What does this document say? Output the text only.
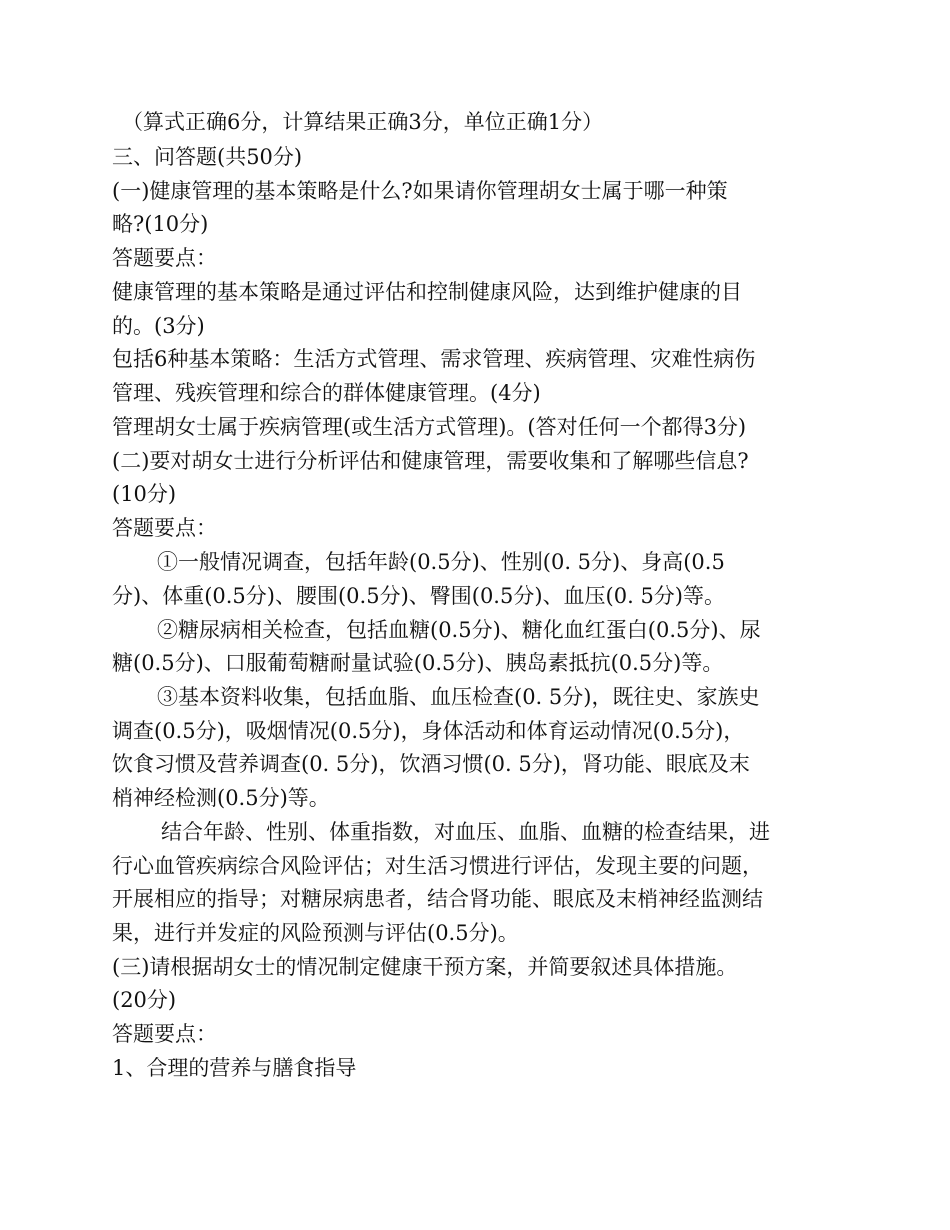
（算式正确6分，计算结果正确3分，单位正确1分）
三、问答题(共50分)
(一)健康管理的基本策略是什么?如果请你管理胡女士属于哪一种策
略?(10分)
答题要点：
健康管理的基本策略是通过评估和控制健康风险，达到维护健康的目
的。(3分)
包括6种基本策略：生活方式管理、需求管理、疾病管理、灾难性病伤
管理、残疾管理和综合的群体健康管理。(4分)
管理胡女士属于疾病管理(或生活方式管理)。(答对任何一个都得3分)
(二)要对胡女士进行分析评估和健康管理，需要收集和了解哪些信息?
(10分)
答题要点：
①一般情况调查，包括年龄(0.5分)、性别(0. 5分)、身高(0.5
分)、体重(0.5分)、腰围(0.5分)、臀围(0.5分)、血压(0. 5分)等。
②糖尿病相关检查，包括血糖(0.5分)、糖化血红蛋白(0.5分)、尿
糖(0.5分)、口服葡萄糖耐量试验(0.5分)、胰岛素抵抗(0.5分)等。
③基本资料收集，包括血脂、血压检查(0. 5分)，既往史、家族史
调查(0.5分)，吸烟情况(0.5分)，身体活动和体育运动情况(0.5分)，
饮食习惯及营养调查(0. 5分)，饮酒习惯(0. 5分)，肾功能、眼底及末
梢神经检测(0.5分)等。
结合年龄、性别、体重指数，对血压、血脂、血糖的检查结果，进
行心血管疾病综合风险评估；对生活习惯进行评估，发现主要的问题，
开展相应的指导；对糖尿病患者，结合肾功能、眼底及末梢神经监测结
果，进行并发症的风险预测与评估(0.5分)。
(三)请根据胡女士的情况制定健康干预方案，并简要叙述具体措施。
(20分)
答题要点：
1、合理的营养与膳食指导
